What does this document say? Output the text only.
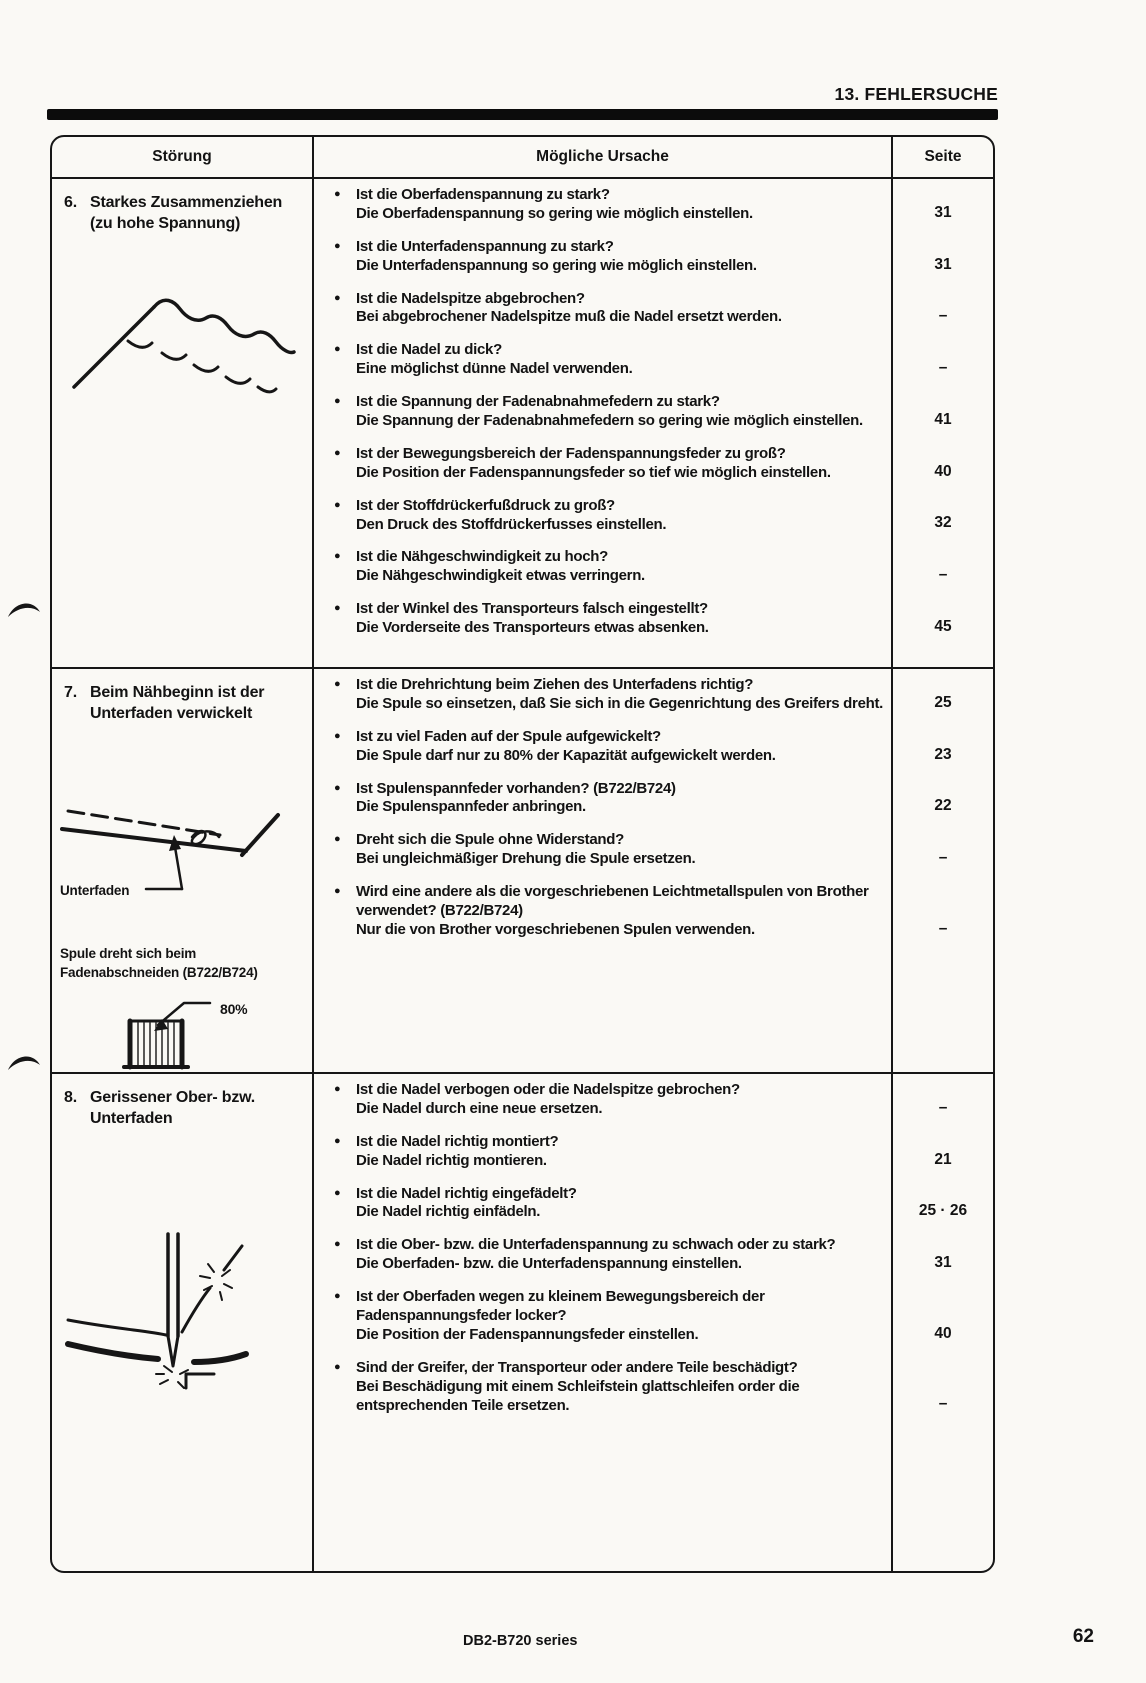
13. FEHLERSUCHE
Störung	Mögliche Ursache	Seite
6. Starkes Zusammenziehen
(zu hohe Spannung)
● Ist die Oberfadenspannung zu stark?
Die Oberfadenspannung so gering wie möglich einstellen.	31
● Ist die Unterfadenspannung zu stark?
Die Unterfadenspannung so gering wie möglich einstellen.	31
● Ist die Nadelspitze abgebrochen?
Bei abgebrochener Nadelspitze muß die Nadel ersetzt werden.	–
● Ist die Nadel zu dick?
Eine möglichst dünne Nadel verwenden.	–
● Ist die Spannung der Fadenabnahmefedern zu stark?
Die Spannung der Fadenabnahmefedern so gering wie möglich einstellen.	41
● Ist der Bewegungsbereich der Fadenspannungsfeder zu groß?
Die Position der Fadenspannungsfeder so tief wie möglich einstellen.	40
● Ist der Stoffdrückerfußdruck zu groß?
Den Druck des Stoffdrückerfusses einstellen.	32
● Ist die Nähgeschwindigkeit zu hoch?
Die Nähgeschwindigkeit etwas verringern.	–
● Ist der Winkel des Transporteurs falsch eingestellt?
Die Vorderseite des Transporteurs etwas absenken.	45
7. Beim Nähbeginn ist der
Unterfaden verwickelt
Unterfaden
Spule dreht sich beim
Fadenabschneiden (B722/B724)
80%
● Ist die Drehrichtung beim Ziehen des Unterfadens richtig?
Die Spule so einsetzen, daß Sie sich in die Gegenrichtung des Greifers dreht.	25
● Ist zu viel Faden auf der Spule aufgewickelt?
Die Spule darf nur zu 80% der Kapazität aufgewickelt werden.	23
● Ist Spulenspannfeder vorhanden? (B722/B724)
Die Spulenspannfeder anbringen.	22
● Dreht sich die Spule ohne Widerstand?
Bei ungleichmäßiger Drehung die Spule ersetzen.	–
● Wird eine andere als die vorgeschriebenen Leichtmetallspulen von Brother verwendet? (B722/B724)
Nur die von Brother vorgeschriebenen Spulen verwenden.	–
8. Gerissener Ober- bzw.
Unterfaden
● Ist die Nadel verbogen oder die Nadelspitze gebrochen?
Die Nadel durch eine neue ersetzen.	–
● Ist die Nadel richtig montiert?
Die Nadel richtig montieren.	21
● Ist die Nadel richtig eingefädelt?
Die Nadel richtig einfädeln.	25 · 26
● Ist die Ober- bzw. die Unterfadenspannung zu schwach oder zu stark?
Die Oberfaden- bzw. die Unterfadenspannung einstellen.	31
● Ist der Oberfaden wegen zu kleinem Bewegungsbereich der Fadenspannungsfeder locker?
Die Position der Fadenspannungsfeder einstellen.	40
● Sind der Greifer, der Transporteur oder andere Teile beschädigt?
Bei Beschädigung mit einem Schleifstein glattschleifen order die entsprechenden Teile ersetzen.	–
DB2-B720 series	62
